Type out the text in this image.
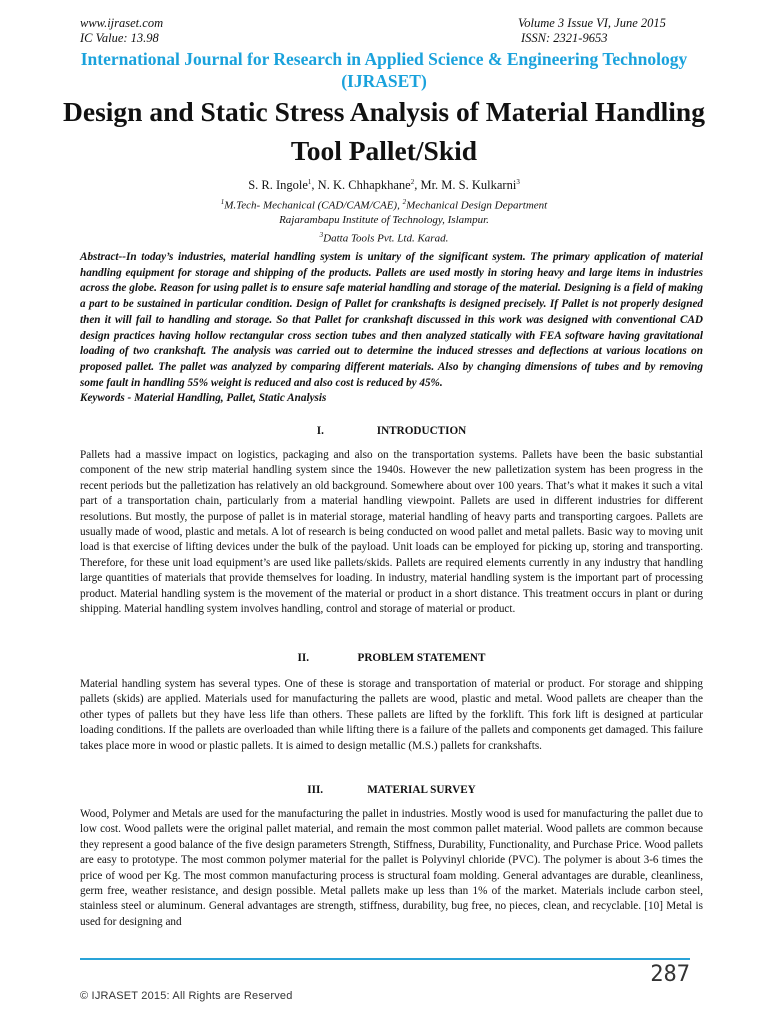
www.ijraset.com
IC Value: 13.98
Volume 3 Issue VI, June 2015
ISSN: 2321-9653
International Journal for Research in Applied Science & Engineering Technology (IJRASET)
Design and Static Stress Analysis of Material Handling Tool Pallet/Skid
S. R. Ingole$^1$, N. K. Chhapkhane$^2$, Mr. M. S. Kulkarni$^3$
$^1$M.Tech- Mechanical (CAD/CAM/CAE), $^2$Mechanical Design Department
Rajarambapu Institute of Technology, Islampur.
$^3$Datta Tools Pvt. Ltd. Karad.

Abstract--In today’s industries, material handling system is unitary of the significant system. The primary application of material handling equipment for storage and shipping of the products. Pallets are used mostly in storing heavy and large items in industries across the globe. Reason for using pallet is to ensure safe material handling and storage of the material. Designing is a field of making a part to be sustained in particular condition. Design of Pallet for crankshafts is designed precisely. If Pallet is not properly designed then it will fail to handling and storage. So that Pallet for crankshaft discussed in this work was designed with conventional CAD design practices having hollow rectangular cross section tubes and then analyzed statically with FEA software having gravitational loading of two crankshaft. The analysis was carried out to determine the induced stresses and deflections at various locations on proposed pallet. The pallet was analyzed by comparing different materials. Also by changing dimensions of tubes and by removing some fault in handling 55% weight is reduced and also cost is reduced by 45%.

Keywords - Material Handling, Pallet, Static Analysis

I.	INTRODUCTION
Pallets had a massive impact on logistics, packaging and also on the transportation systems. Pallets have been the basic substantial component of the new strip material handling system since the 1940s. However the new palletization system has been progress in the recent periods but the palletization has relatively an old background. Somewhere about over 100 years. That’s what it makes it such a vital part of a transportation chain, particularly from a material handling viewpoint. Pallets are used in different industries for different resolutions. But mostly, the purpose of pallet is in material storage, material handling of heavy parts and transporting cargoes. Pallets are usually made of wood, plastic and metals. A lot of research is being conducted on wood pallet and metal pallets. Basic way to moving unit load is that exercise of lifting devices under the bulk of the payload. Unit loads can be employed for picking up, storing and transporting. Therefore, for these unit load equipment’s are used like pallets/skids. Pallets are required elements currently in any industry that handling large quantities of materials that provide themselves for loading. In industry, material handling system is the important part of processing product. Material handling system is the movement of the material or product in a short distance. This treatment occurs in plant or during shipping. Material handling system involves handling, control and storage of material or product.
II.	PROBLEM STATEMENT
Material handling system has several types. One of these is storage and transportation of material or product. For storage and shipping pallets (skids) are applied. Materials used for manufacturing the pallets are wood, plastic and metal. Wood pallets are cheaper than the other types of pallets but they have less life than others. These pallets are lifted by the forklift. This fork lift is designed at particular loading conditions. If the pallets are overloaded than while lifting there is a failure of the pallets and components get damaged. This failure takes place more in wood or plastic pallets. It is aimed to design metallic (M.S.) pallets for crankshafts.
III.	MATERIAL SURVEY
Wood, Polymer and Metals are used for the manufacturing the pallet in industries. Mostly wood is used for manufacturing the pallet due to low cost. Wood pallets were the original pallet material, and remain the most common pallet material. Wood pallets are common because they represent a good balance of the five design parameters Strength, Stiffness, Durability, Functionality, and Purchase Price. Wood pallets are easy to prototype. The most common polymer material for the pallet is Polyvinyl chloride (PVC). The polymer is about 3-6 times the price of wood per Kg. The most common manufacturing process is structural foam molding. General advantages are durable, cleanliness, germ free, weather resistance, and design possible. Metal pallets make up less than 1% of the market. Materials include carbon steel, stainless steel or aluminum. General advantages are strength, stiffness, durability, bug free, no pieces, clean, and recyclable. [10] Metal is used for designing and
287
© IJRASET 2015: All Rights are Reserved
